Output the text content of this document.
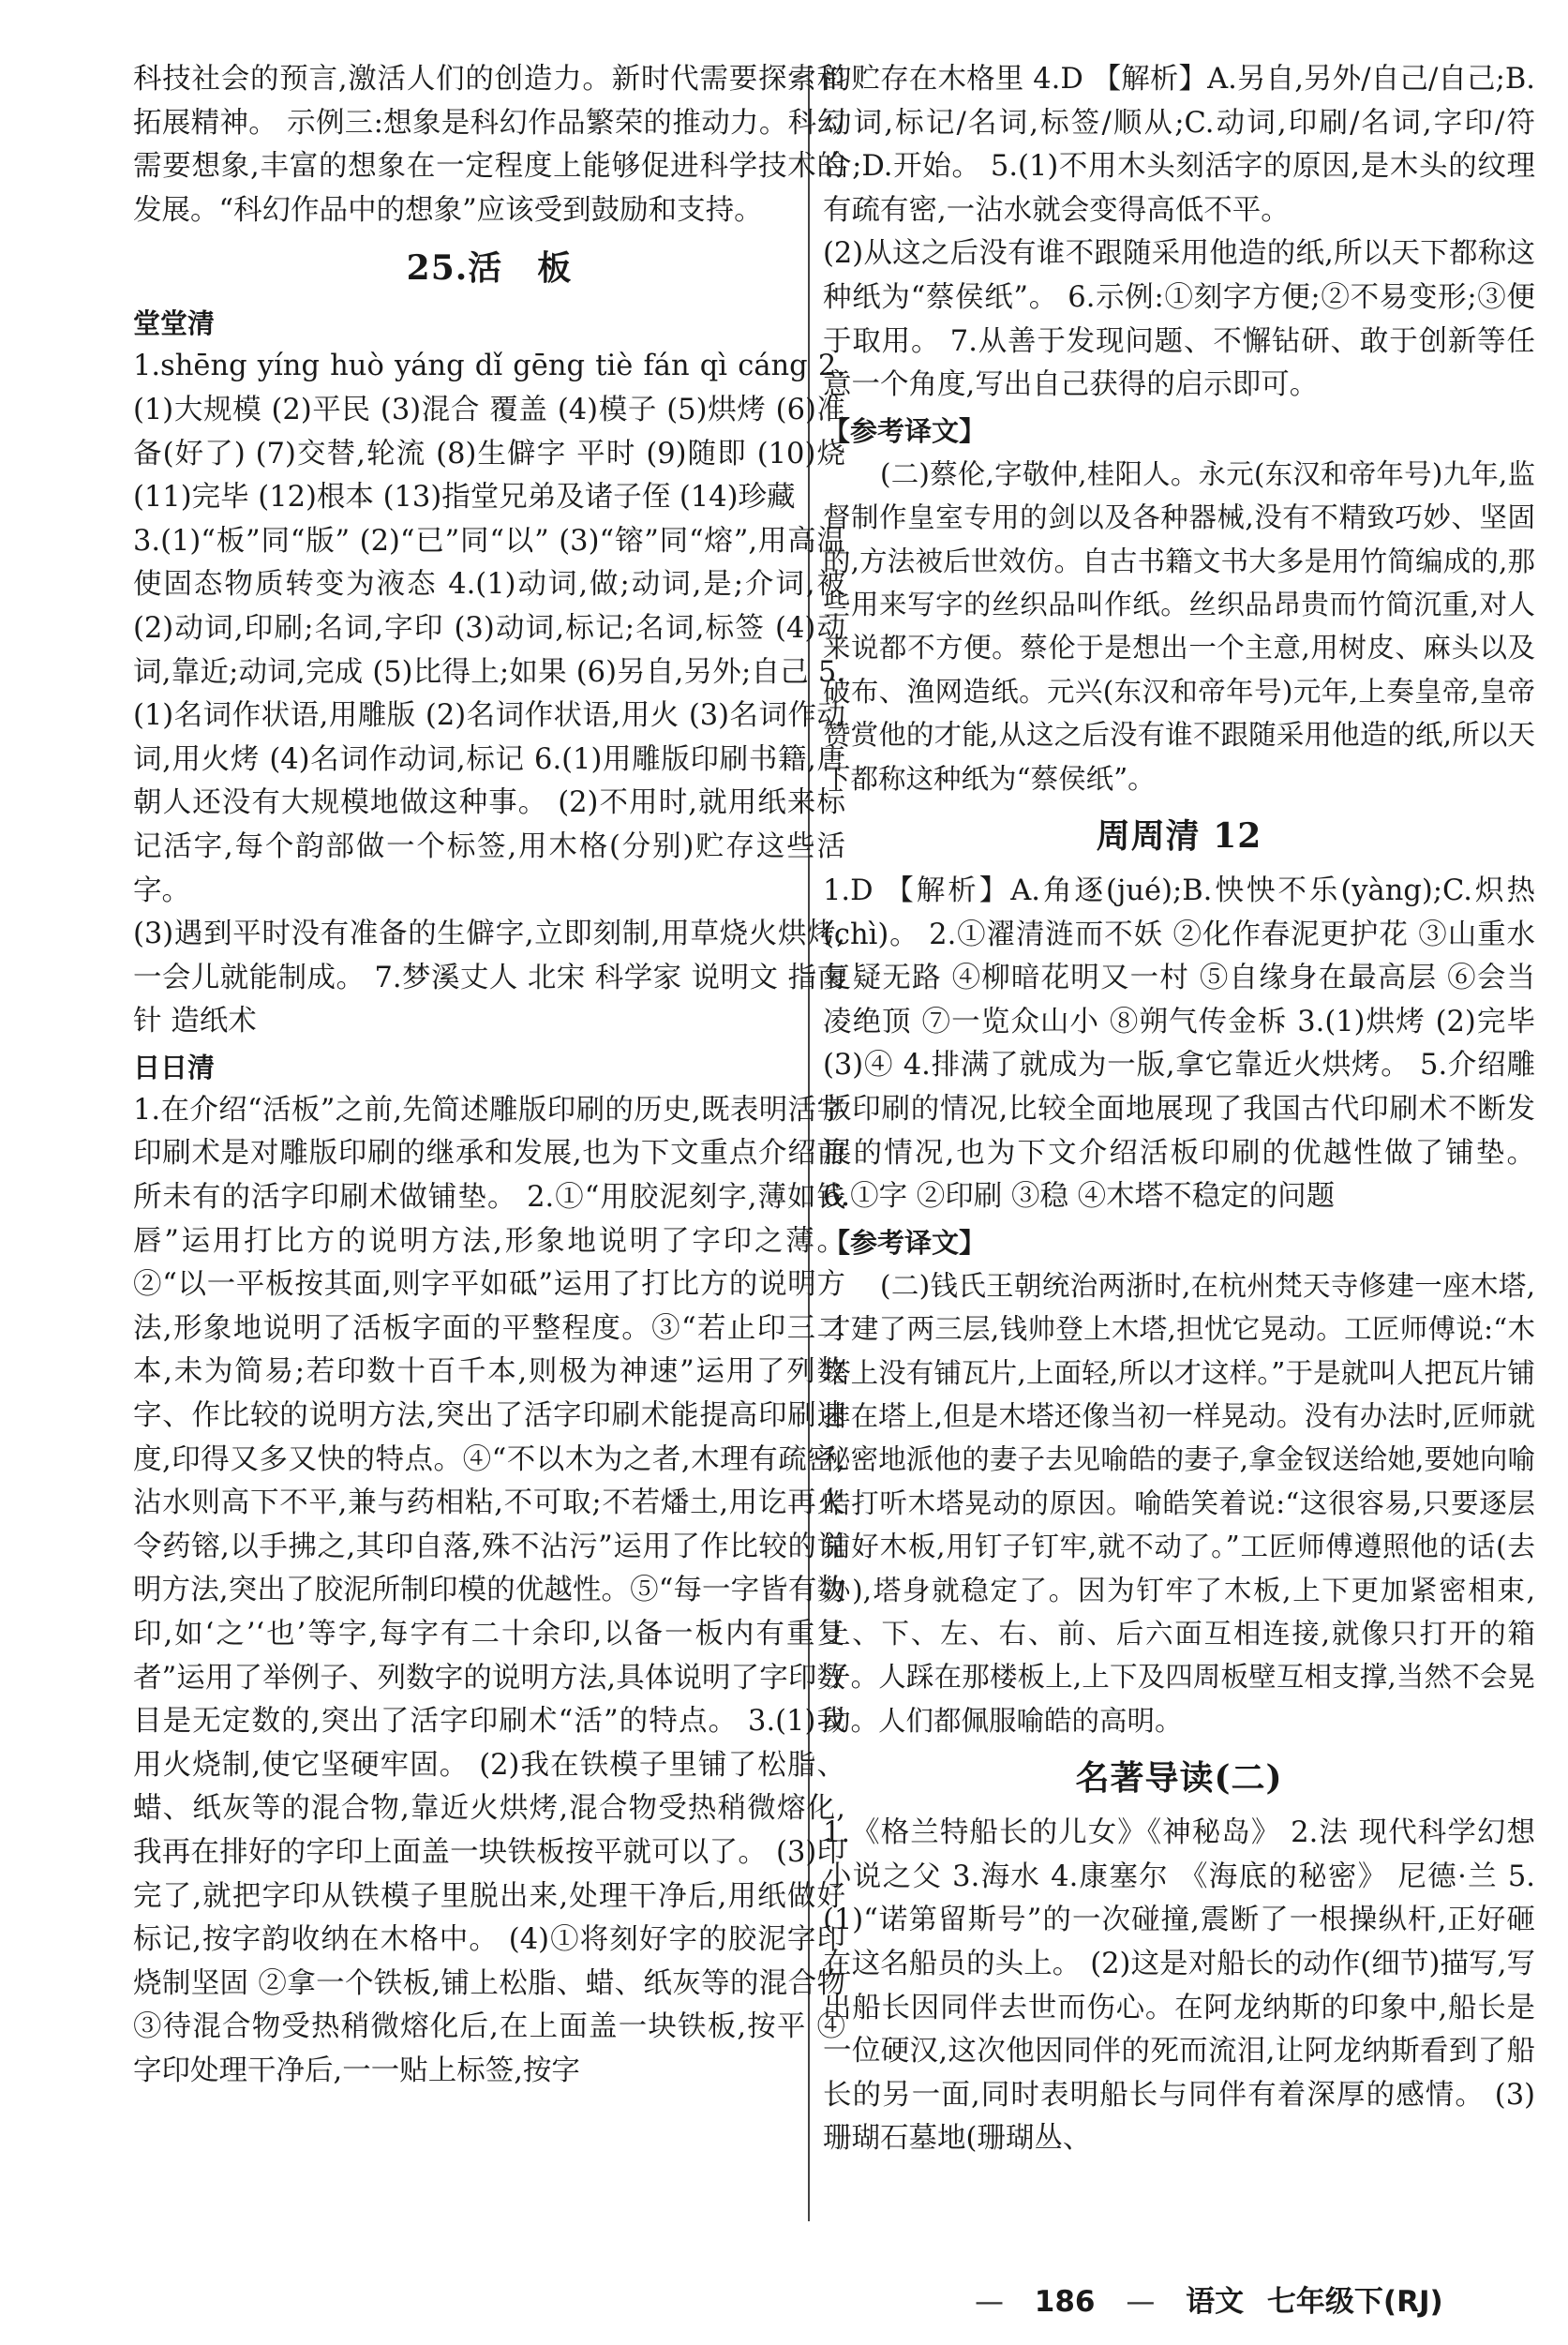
科技社会的预言,激活人们的创造力。新时代需要探索和拓展精神。 示例三:想象是科幻作品繁荣的推动力。科幻需要想象,丰富的想象在一定程度上能够促进科学技术的发展。“科幻作品中的想象”应该受到鼓励和支持。

25.活　板
堂堂清

1.shēng yíng huò yáng dǐ gēng tiè fán qì cáng 2.(1)大规模 (2)平民 (3)混合 覆盖 (4)模子 (5)烘烤 (6)准备(好了) (7)交替,轮流 (8)生僻字 平时 (9)随即 (10)烧 (11)完毕 (12)根本 (13)指堂兄弟及诸子侄 (14)珍藏

3.(1)“板”同“版” (2)“已”同“以” (3)“镕”同“熔”,用高温使固态物质转变为液态 4.(1)动词,做;动词,是;介词,被 (2)动词,印刷;名词,字印 (3)动词,标记;名词,标签 (4)动词,靠近;动词,完成 (5)比得上;如果 (6)另自,另外;自己 5.(1)名词作状语,用雕版 (2)名词作状语,用火 (3)名词作动词,用火烤 (4)名词作动词,标记 6.(1)用雕版印刷书籍,唐朝人还没有大规模地做这种事。 (2)不用时,就用纸来标记活字,每个韵部做一个标签,用木格(分别)贮存这些活字。

(3)遇到平时没有准备的生僻字,立即刻制,用草烧火烘烤,一会儿就能制成。 7.梦溪丈人 北宋 科学家 说明文 指南针 造纸术

日日清

1.在介绍“活板”之前,先简述雕版印刷的历史,既表明活字印刷术是对雕版印刷的继承和发展,也为下文重点介绍前所未有的活字印刷术做铺垫。 2.①“用胶泥刻字,薄如钱唇”运用打比方的说明方法,形象地说明了字印之薄。②“以一平板按其面,则字平如砥”运用了打比方的说明方法,形象地说明了活板字面的平整程度。③“若止印三二本,未为简易;若印数十百千本,则极为神速”运用了列数字、作比较的说明方法,突出了活字印刷术能提高印刷速度,印得又多又快的特点。④“不以木为之者,木理有疏密,沾水则高下不平,兼与药相粘,不可取;不若燔土,用讫再火令药镕,以手拂之,其印自落,殊不沾污”运用了作比较的说明方法,突出了胶泥所制印模的优越性。⑤“每一字皆有数印,如‘之’‘也’等字,每字有二十余印,以备一板内有重复者”运用了举例子、列数字的说明方法,具体说明了字印数目是无定数的,突出了活字印刷术“活”的特点。 3.(1)我用火烧制,使它坚硬牢固。 (2)我在铁模子里铺了松脂、蜡、纸灰等的混合物,靠近火烘烤,混合物受热稍微熔化,我再在排好的字印上面盖一块铁板按平就可以了。 (3)印完了,就把字印从铁模子里脱出来,处理干净后,用纸做好标记,按字韵收纳在木格中。 (4)①将刻好字的胶泥字印烧制坚固 ②拿一个铁板,铺上松脂、蜡、纸灰等的混合物 ③待混合物受热稍微熔化后,在上面盖一块铁板,按平 ④字印处理干净后,一一贴上标签,按字

韵贮存在木格里 4.D 【解析】A.另自,另外/自己/自己;B.动词,标记/名词,标签/顺从;C.动词,印刷/名词,字印/符合;D.开始。 5.(1)不用木头刻活字的原因,是木头的纹理有疏有密,一沾水就会变得高低不平。

(2)从这之后没有谁不跟随采用他造的纸,所以天下都称这种纸为“蔡侯纸”。 6.示例:①刻字方便;②不易变形;③便于取用。 7.从善于发现问题、不懈钻研、敢于创新等任意一个角度,写出自己获得的启示即可。

【参考译文】

(二)蔡伦,字敬仲,桂阳人。永元(东汉和帝年号)九年,监督制作皇室专用的剑以及各种器械,没有不精致巧妙、坚固的,方法被后世效仿。自古书籍文书大多是用竹简编成的,那些用来写字的丝织品叫作纸。丝织品昂贵而竹简沉重,对人来说都不方便。蔡伦于是想出一个主意,用树皮、麻头以及破布、渔网造纸。元兴(东汉和帝年号)元年,上奏皇帝,皇帝赞赏他的才能,从这之后没有谁不跟随采用他造的纸,所以天下都称这种纸为“蔡侯纸”。

周周清 12

1.D 【解析】A.角逐(jué);B.怏怏不乐(yàng);C.炽热(chì)。 2.①濯清涟而不妖 ②化作春泥更护花 ③山重水复疑无路 ④柳暗花明又一村 ⑤自缘身在最高层 ⑥会当凌绝顶 ⑦一览众山小 ⑧朔气传金柝 3.(1)烘烤 (2)完毕 (3)④ 4.排满了就成为一版,拿它靠近火烘烤。 5.介绍雕版印刷的情况,比较全面地展现了我国古代印刷术不断发展的情况,也为下文介绍活板印刷的优越性做了铺垫。 6.①字 ②印刷 ③稳 ④木塔不稳定的问题

【参考译文】

(二)钱氏王朝统治两浙时,在杭州梵天寺修建一座木塔,才建了两三层,钱帅登上木塔,担忧它晃动。工匠师傅说:“木塔上没有铺瓦片,上面轻,所以才这样。”于是就叫人把瓦片铺排在塔上,但是木塔还像当初一样晃动。没有办法时,匠师就秘密地派他的妻子去见喻皓的妻子,拿金钗送给她,要她向喻皓打听木塔晃动的原因。喻皓笑着说:“这很容易,只要逐层铺好木板,用钉子钉牢,就不动了。”工匠师傅遵照他的话(去办),塔身就稳定了。因为钉牢了木板,上下更加紧密相束,上、下、左、右、前、后六面互相连接,就像只打开的箱子。人踩在那楼板上,上下及四周板壁互相支撑,当然不会晃动。人们都佩服喻皓的高明。

名著导读(二)

1.《格兰特船长的儿女》《神秘岛》 2.法 现代科学幻想小说之父 3.海水 4.康塞尔 《海底的秘密》 尼德·兰 5.(1)“诺第留斯号”的一次碰撞,震断了一根操纵杆,正好砸在这名船员的头上。 (2)这是对船长的动作(细节)描写,写出船长因同伴去世而伤心。在阿龙纳斯的印象中,船长是一位硬汉,这次他因同伴的死而流泪,让阿龙纳斯看到了船长的另一面,同时表明船长与同伴有着深厚的感情。 (3)珊瑚石墓地(珊瑚丛、

— 186 — 语文 七年级下(RJ)
